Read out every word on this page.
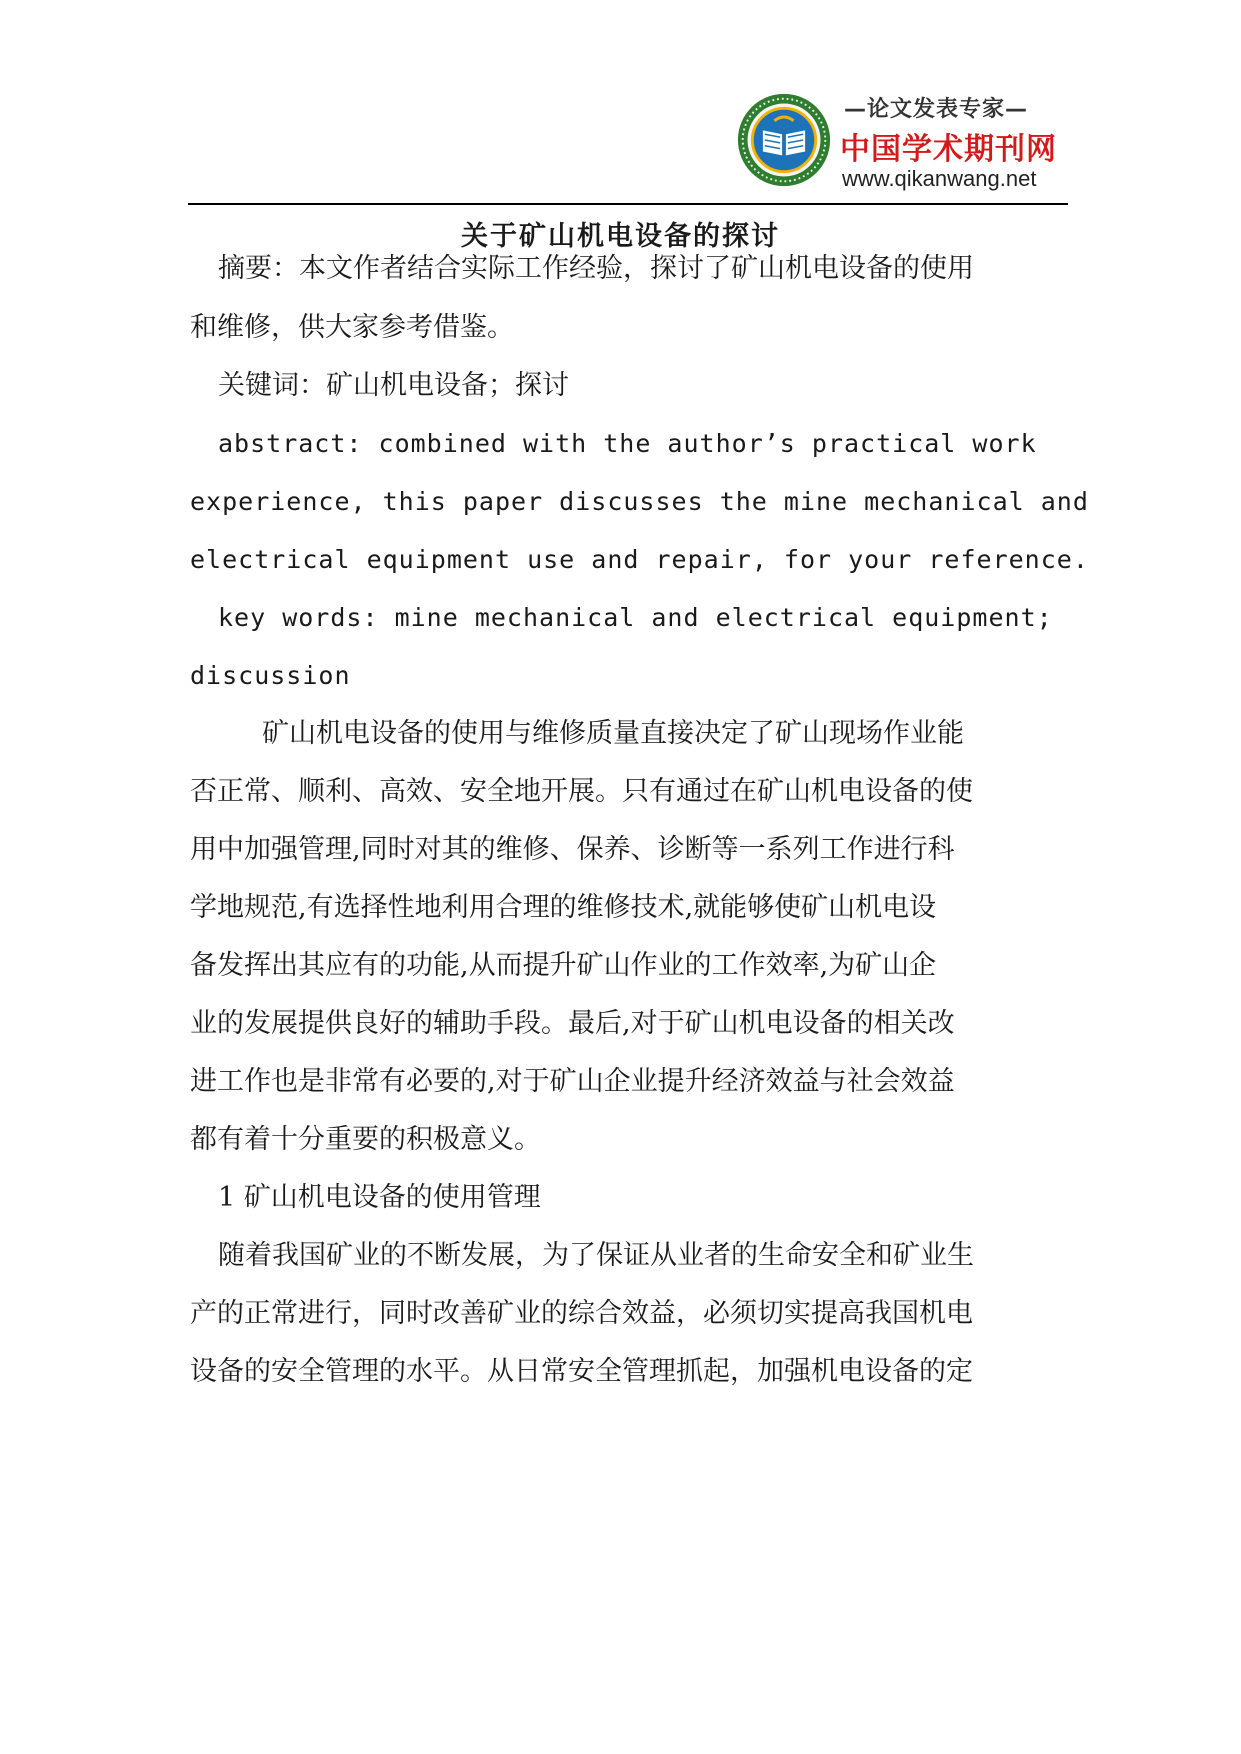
—论文发表专家—
中国学术期刊网
www.qikanwang.net
关于矿山机电设备的探讨
摘要：本文作者结合实际工作经验，探讨了矿山机电设备的使用
和维修，供大家参考借鉴。
关键词：矿山机电设备；探讨
abstract: combined with the author’s practical work
experience, this paper discusses the mine mechanical and
electrical equipment use and repair, for your reference.
key words: mine mechanical and electrical equipment;
discussion
矿山机电设备的使用与维修质量直接决定了矿山现场作业能
否正常、顺利、高效、安全地开展。只有通过在矿山机电设备的使
用中加强管理,同时对其的维修、保养、诊断等一系列工作进行科
学地规范,有选择性地利用合理的维修技术,就能够使矿山机电设
备发挥出其应有的功能,从而提升矿山作业的工作效率,为矿山企
业的发展提供良好的辅助手段。最后,对于矿山机电设备的相关改
进工作也是非常有必要的,对于矿山企业提升经济效益与社会效益
都有着十分重要的积极意义。
1 矿山机电设备的使用管理
随着我国矿业的不断发展，为了保证从业者的生命安全和矿业生
产的正常进行，同时改善矿业的综合效益，必须切实提高我国机电
设备的安全管理的水平。从日常安全管理抓起，加强机电设备的定
